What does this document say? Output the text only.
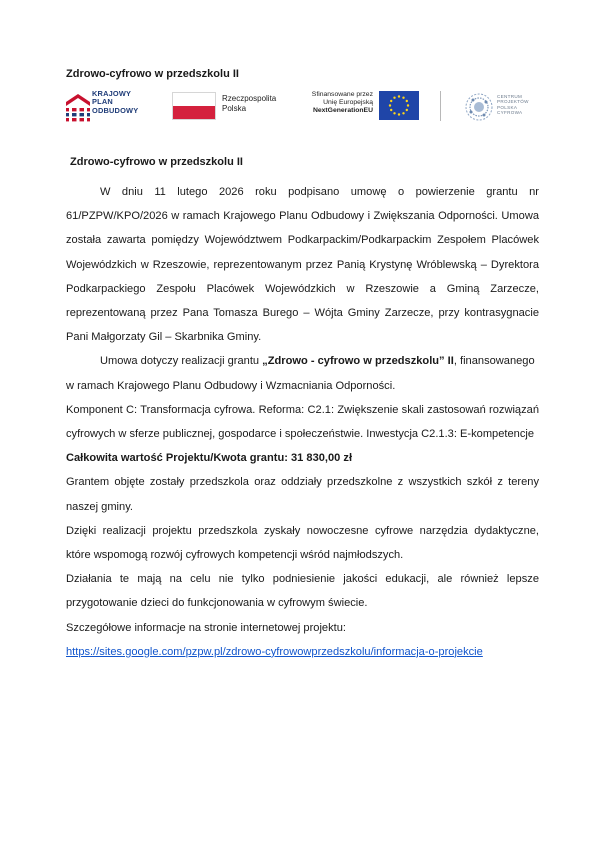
Zdrowo-cyfrowo w przedszkolu II
KRAJOWY
PLAN
ODBUDOWY
Rzeczpospolita
Polska
Sfinansowane przez
Unię Europejską
NextGenerationEU
CENTRUM
PROJEKTÓW
POLSKA
CYFROWA
Zdrowo-cyfrowo w przedszkolu II

W dniu 11 lutego 2026 roku podpisano umowę o powierzenie grantu nr 61/PZPW/KPO/2026 w ramach Krajowego Planu Odbudowy i Zwiększania Odporności. Umowa została zawarta pomiędzy Województwem Podkarpackim/Podkarpackim Zespołem Placówek Wojewódzkich w Rzeszowie, reprezentowanym przez Panią Krystynę Wróblewską – Dyrektora Podkarpackiego Zespołu Placówek Wojewódzkich w Rzeszowie a Gminą Zarzecze, reprezentowaną przez Pana Tomasza Burego – Wójta Gminy Zarzecze, przy kontrasygnacie Pani Małgorzaty Gil – Skarbnika Gminy.

Umowa dotyczy realizacji grantu „Zdrowo - cyfrowo w przedszkolu” II, finansowanego w ramach Krajowego Planu Odbudowy i Wzmacniania Odporności.

Komponent C: Transformacja cyfrowa. Reforma: C2.1: Zwiększenie skali zastosowań rozwiązań cyfrowych w sferze publicznej, gospodarce i społeczeństwie. Inwestycja C2.1.3: E-kompetencje

Całkowita wartość Projektu/Kwota grantu: 31 830,00 zł

Grantem objęte zostały przedszkola oraz oddziały przedszkolne z wszystkich szkół z tereny naszej gminy.

Dzięki realizacji projektu przedszkola zyskały nowoczesne cyfrowe narzędzia dydaktyczne, które wspomogą rozwój cyfrowych kompetencji wśród najmłodszych.

Działania te mają na celu nie tylko podniesienie jakości edukacji, ale również lepsze przygotowanie dzieci do funkcjonowania w cyfrowym świecie.

Szczegółowe informacje na stronie internetowej projektu:

https://sites.google.com/pzpw.pl/zdrowo-cyfrowowprzedszkolu/informacja-o-projekcie
